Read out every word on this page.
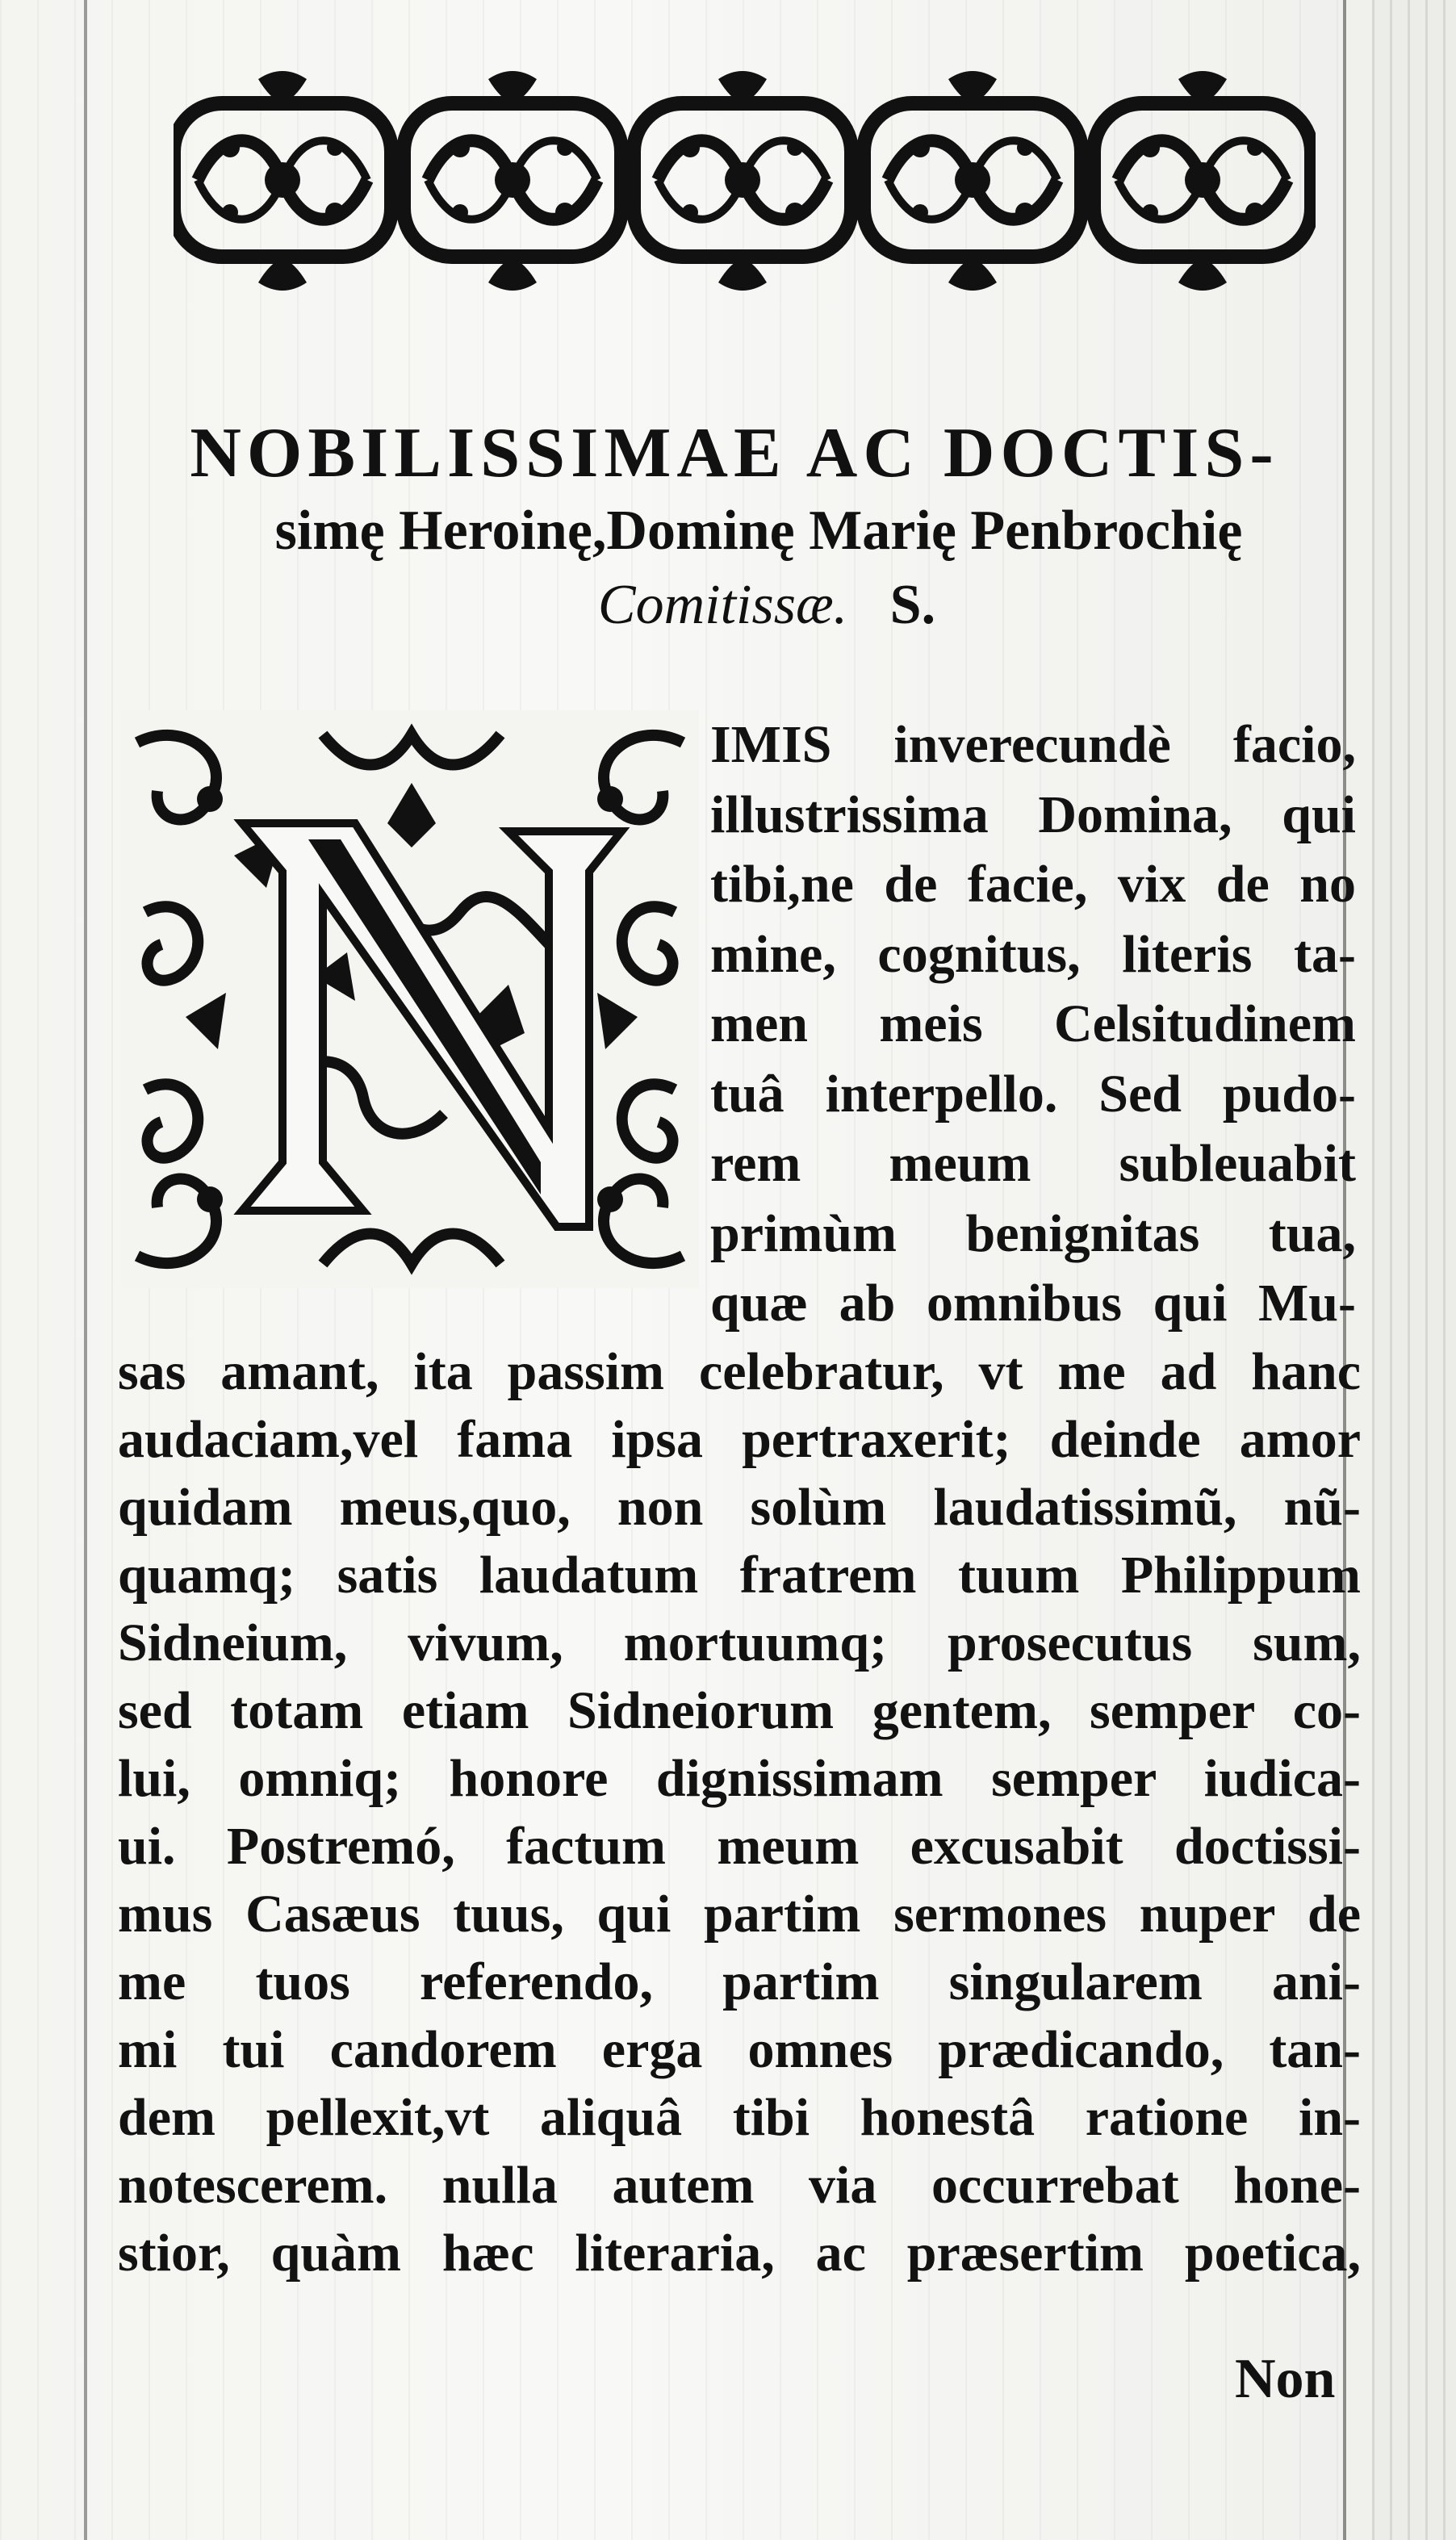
NOBILISSIMAE AC DOCTIS-
simę Heroinę,Dominę Marię Penbrochię
Comitissæ. S.
IMIS inverecundè facio,
illustrissima Domina, qui
tibi,ne de facie, vix de no
mine, cognitus, literis ta-
men meis Celsitudinem
tuâ interpello. Sed pudo-
rem meum subleuabit
primùm benignitas tua,
quæ ab omnibus qui Mu-
sas amant, ita passim celebratur, vt me ad hanc
audaciam,vel fama ipsa pertraxerit; deinde amor
quidam meus,quo, non solùm laudatissimũ, nũ-
quamq; satis laudatum fratrem tuum Philippum
Sidneium, vivum, mortuumq; prosecutus sum,
sed totam etiam Sidneiorum gentem, semper co-
lui, omniq; honore dignissimam semper iudica-
ui. Postremó, factum meum excusabit doctissi-
mus Casæus tuus, qui partim sermones nuper de
me tuos referendo, partim singularem ani-
mi tui candorem erga omnes prædicando, tan-
dem pellexit,vt aliquâ tibi honestâ ratione in-
notescerem. nulla autem via occurrebat hone-
stior, quàm hæc literaria, ac præsertim poetica,
Non
